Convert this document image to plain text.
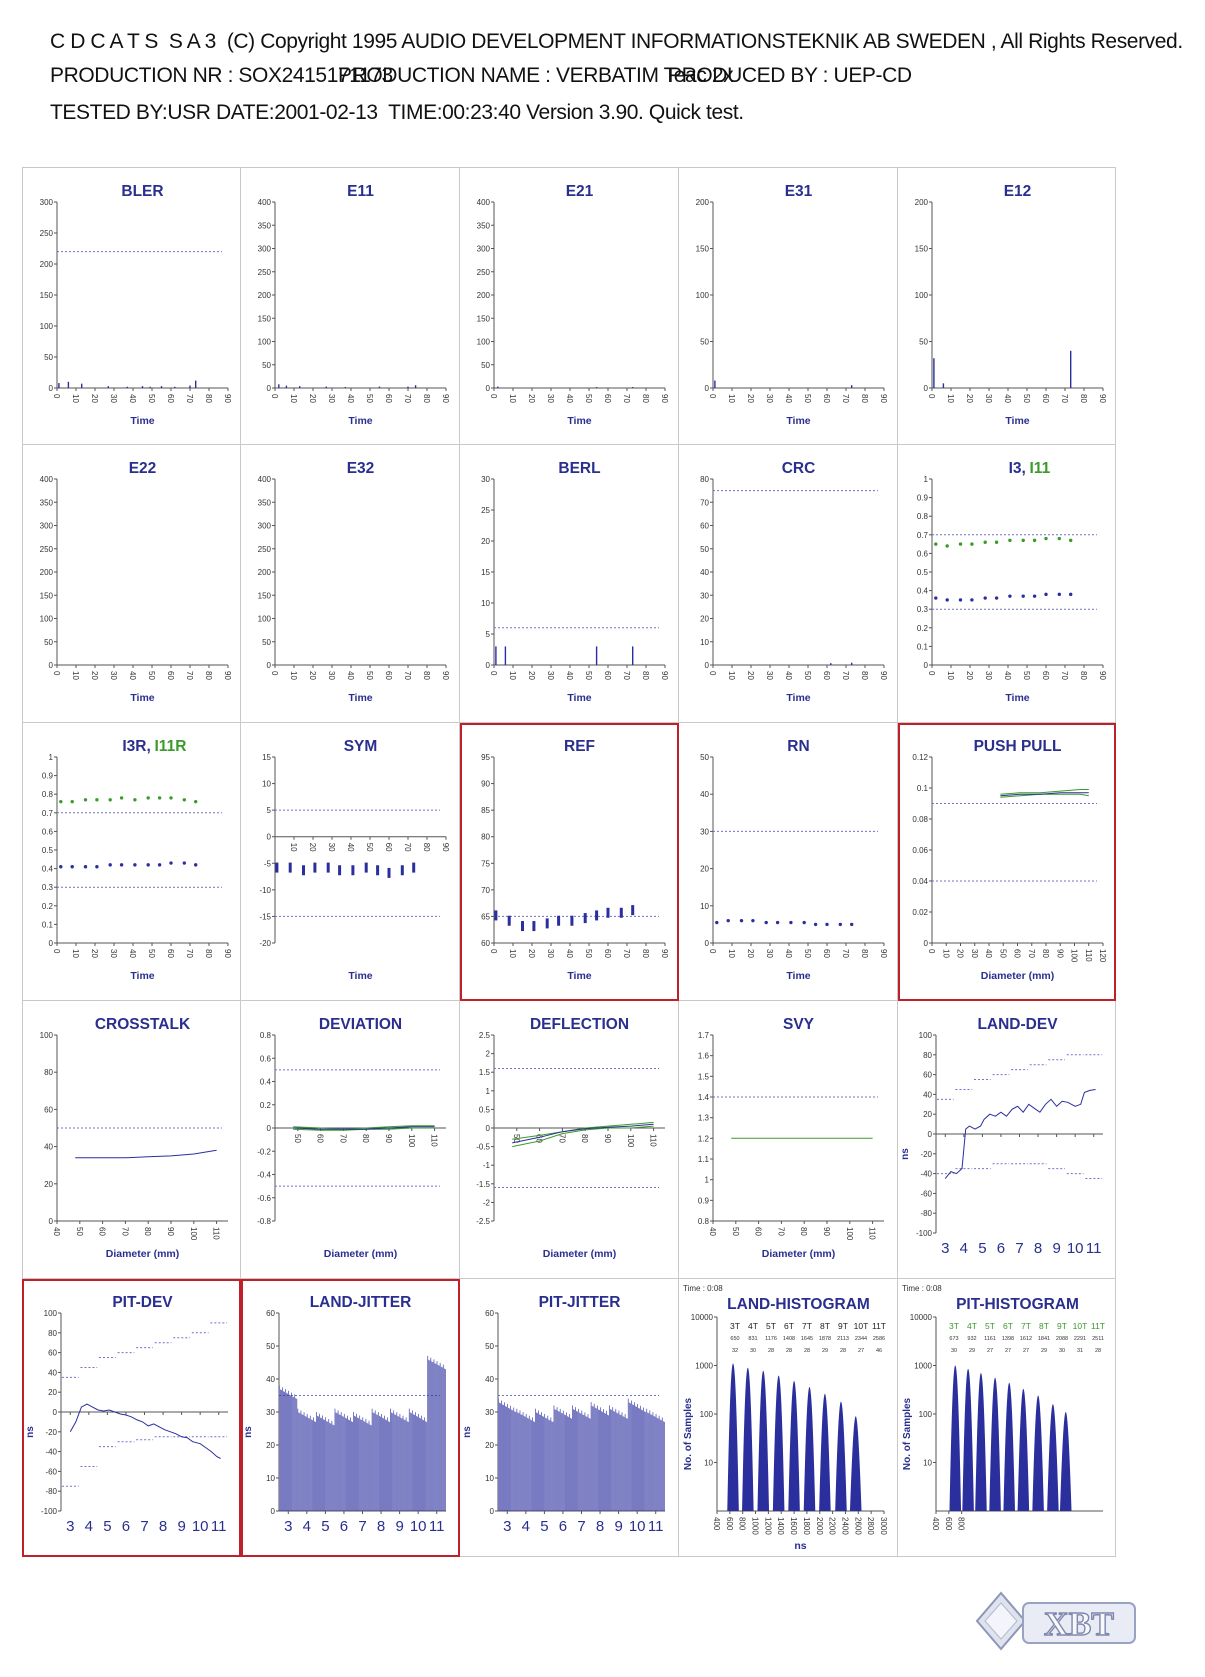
C D C A T S  S A 3  (C) Copyright 1995 AUDIO DEVELOPMENT INFORMATIONSTEKNIK AB SWEDEN , All Rights Reserved.
PRODUCTION NR : SOX2415171173
PRODUCTION NAME : VERBATIM Teac 2x
PRODUCED BY : UEP-CD
TESTED BY:USR DATE:2001-02-13  TIME:00:23:40 Version 3.90. Quick test.
BLER
0
50
100
150
200
250
300
0 10 20 30 40 50 60 70 80 90
Time
E11
0
50
100
150
200
250
300
350
400
0 10 20 30 40 50 60 70 80 90
Time
E21
0
50
100
150
200
250
300
350
400
0 10 20 30 40 50 60 70 80 90
Time
E31
0
50
100
150
200
0 10 20 30 40 50 60 70 80 90
Time
E12
0
50
100
150
200
0 10 20 30 40 50 60 70 80 90
Time
E22
0
50
100
150
200
250
300
350
400
0 10 20 30 40 50 60 70 80 90
Time
E32
0
50
100
150
200
250
300
350
400
0 10 20 30 40 50 60 70 80 90
Time
BERL
0
5
10
15
20
25
30
0 10 20 30 40 50 60 70 80 90
Time
CRC
0
10
20
30
40
50
60
70
80
0 10 20 30 40 50 60 70 80 90
Time
I3 , I11
0
0.1
0.2
0.3
0.4
0.5
0.6
0.7
0.8
0.9
1
0 10 20 30 40 50 60 70 80 90
Time
I3R , I11R
0
0.1
0.2
0.3
0.4
0.5
0.6
0.7
0.8
0.9
1
0 10 20 30 40 50 60 70 80 90
Time
SYM
-20
-15
-10
-5
0
5
10
15
10 20 30 40 50 60 70 80 90
Time
REF
60
65
70
75
80
85
90
95
0 10 20 30 40 50 60 70 80 90
Time
RN
0
10
20
30
40
50
0 10 20 30 40 50 60 70 80 90
Time
PUSH PULL
0
0.02
0.04
0.06
0.08
0.1
0.12
0 10 20 30 40 50 60 70 80 90 100 110 120
Diameter (mm)
CROSSTALK
0
20
40
60
80
100
40 50 60 70 80 90 100 110
Diameter (mm)
DEVIATION
-0.8
-0.6
-0.4
-0.2
0
0.2
0.4
0.6
0.8
50 60 70 80 90 100 110
Diameter (mm)
DEFLECTION
-2.5
-2
-1.5
-1
-0.5
0
0.5
1
1.5
2
2.5
50 60 70 80 90 100 110
Diameter (mm)
SVY
0.8
0.9
1
1.1
1.2
1.3
1.4
1.5
1.6
1.7
40 50 60 70 80 90 100 110
Diameter (mm)
LAND-DEV
-100
-80
-60
-40
-20
0
20
40
60
80
100
3 4 5 6 7 8 9 10 11
ns
PIT-DEV
-100
-80
-60
-40
-20
0
20
40
60
80
100
3 4 5 6 7 8 9 10 11
ns
LAND-JITTER
0
10
20
30
40
50
60
3 4 5 6 7 8 9 10 11
ns
PIT-JITTER
0
10
20
30
40
50
60
3 4 5 6 7 8 9 10 11
ns
LAND-HISTOGRAM
Time : 0:08
10
100
1000
10000
400 600 800 1000 1200 1400 1600 1800 2000 2200 2400 2600 2800 3000
ns
No. of Samples
3T
650
32
4T
831
30
5T
1176
28
6T
1408
28
7T
1645
28
8T
1878
29
9T
2113
28
10T
2344
27
11T
2586
46
PIT-HISTOGRAM
Time : 0:08
10
100
1000
10000
400 600 800
No. of Samples
3T
673
30
4T
932
29
5T
1161
27
6T
1398
27
7T
1612
27
8T
1841
29
9T
2088
30
10T
2291
31
11T
2511
28
XBT
